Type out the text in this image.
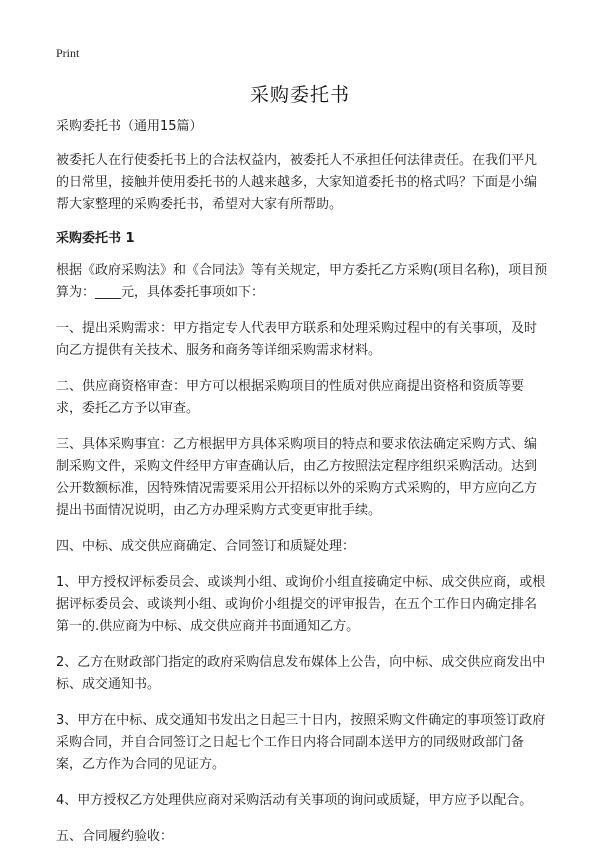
Print
采购委托书

采购委托书（通用15篇）

被委托人在行使委托书上的合法权益内，被委托人不承担任何法律责任。在我们平凡的日常里，接触并使用委托书的人越来越多，大家知道委托书的格式吗？下面是小编帮大家整理的采购委托书，希望对大家有所帮助。

采购委托书 1

根据《政府采购法》和《合同法》等有关规定，甲方委托乙方采购(项目名称)，项目预算为：____元，具体委托事项如下：

一、提出采购需求：甲方指定专人代表甲方联系和处理采购过程中的有关事项，及时向乙方提供有关技术、服务和商务等详细采购需求材料。

二、供应商资格审查：甲方可以根据采购项目的性质对供应商提出资格和资质等要求，委托乙方予以审查。

三、具体采购事宜：乙方根据甲方具体采购项目的特点和要求依法确定采购方式、编制采购文件，采购文件经甲方审查确认后，由乙方按照法定程序组织采购活动。达到公开数额标准，因特殊情况需要采用公开招标以外的采购方式采购的，甲方应向乙方提出书面情况说明，由乙方办理采购方式变更审批手续。

四、中标、成交供应商确定、合同签订和质疑处理：

1、甲方授权评标委员会、或谈判小组、或询价小组直接确定中标、成交供应商，或根据评标委员会、或谈判小组、或询价小组提交的评审报告，在五个工作日内确定排名第一的.供应商为中标、成交供应商并书面通知乙方。

2、乙方在财政部门指定的政府采购信息发布媒体上公告，向中标、成交供应商发出中标、成交通知书。

3、甲方在中标、成交通知书发出之日起三十日内，按照采购文件确定的事项签订政府采购合同，并自合同签订之日起七个工作日内将合同副本送甲方的同级财政部门备案，乙方作为合同的见证方。

4、甲方授权乙方处理供应商对采购活动有关事项的询问或质疑，甲方应予以配合。

五、合同履约验收：
